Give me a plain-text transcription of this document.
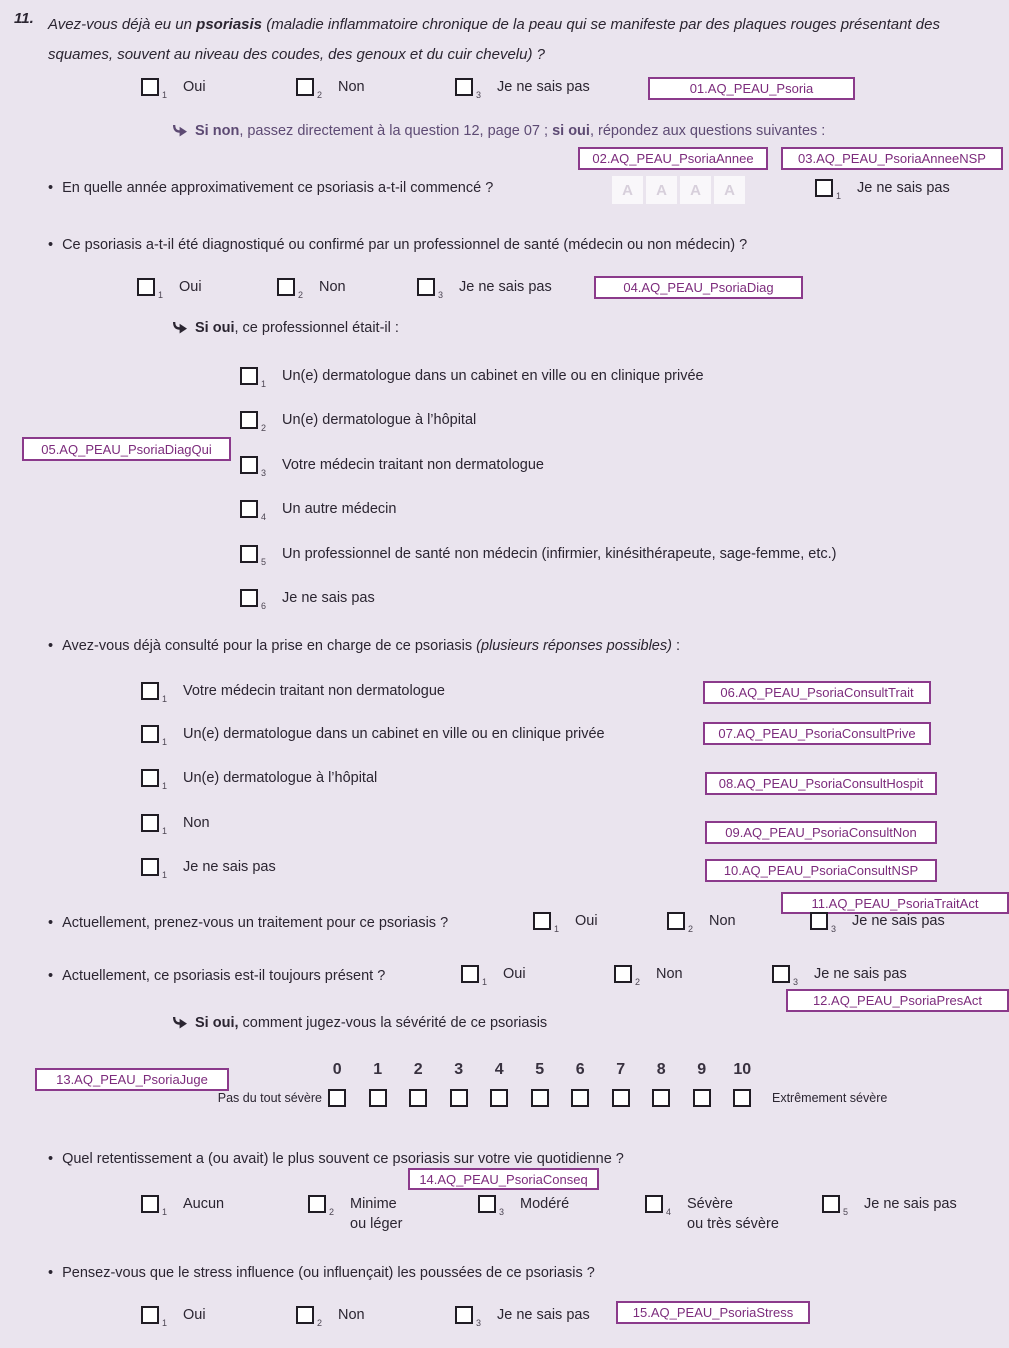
11. Avez-vous déjà eu un psoriasis (maladie inflammatoire chronique de la peau qui se manifeste par des plaques rouges présentant des squames, souvent au niveau des coudes, des genoux et du cuir chevelu) ?
1 Oui	2 Non	3 Je ne sais pas	01.AQ_PEAU_Psoria
Si non, passez directement à la question 12, page 07 ; si oui, répondez aux questions suivantes :
02.AQ_PEAU_PsoriaAnnee	03.AQ_PEAU_PsoriaAnneeNSP
• En quelle année approximativement ce psoriasis a-t-il commencé ?	A	A	A	A	1 Je ne sais pas
• Ce psoriasis a-t-il été diagnostiqué ou confirmé par un professionnel de santé (médecin ou non médecin) ?
1 Oui	2 Non	3 Je ne sais pas	04.AQ_PEAU_PsoriaDiag
Si oui, ce professionnel était-il :
1 Un(e) dermatologue dans un cabinet en ville ou en clinique privée
2 Un(e) dermatologue à l’hôpital
3 Votre médecin traitant non dermatologue
4 Un autre médecin
5 Un professionnel de santé non médecin (infirmier, kinésithérapeute, sage-femme, etc.)
6 Je ne sais pas
05.AQ_PEAU_PsoriaDiagQui
• Avez-vous déjà consulté pour la prise en charge de ce psoriasis (plusieurs réponses possibles) :
1 Votre médecin traitant non dermatologue	06.AQ_PEAU_PsoriaConsultTrait
1 Un(e) dermatologue dans un cabinet en ville ou en clinique privée	07.AQ_PEAU_PsoriaConsultPrive
1 Un(e) dermatologue à l’hôpital	08.AQ_PEAU_PsoriaConsultHospit
1 Non
09.AQ_PEAU_PsoriaConsultNon
1 Je ne sais pas	10.AQ_PEAU_PsoriaConsultNSP
11.AQ_PEAU_PsoriaTraitAct
• Actuellement, prenez-vous un traitement pour ce psoriasis ?	1 Oui	2 Non	3 Je ne sais pas
• Actuellement, ce psoriasis est-il toujours présent ?	1 Oui	2 Non	3 Je ne sais pas
12.AQ_PEAU_PsoriaPresAct
Si oui, comment jugez-vous la sévérité de ce psoriasis
13.AQ_PEAU_PsoriaJuge
Pas du tout sévère
0 1 2 3 4 5 6 7 8 9 10
Extrêmement sévère
• Quel retentissement a (ou avait) le plus souvent ce psoriasis sur votre vie quotidienne ?
14.AQ_PEAU_PsoriaConseq
1 Aucun	2 Minime
ou léger
3 Modéré	4 Sévère
ou très sévère
5 Je ne sais pas
• Pensez-vous que le stress influence (ou influençait) les poussées de ce psoriasis ?
1 Oui	2 Non	3 Je ne sais pas	15.AQ_PEAU_PsoriaStress
